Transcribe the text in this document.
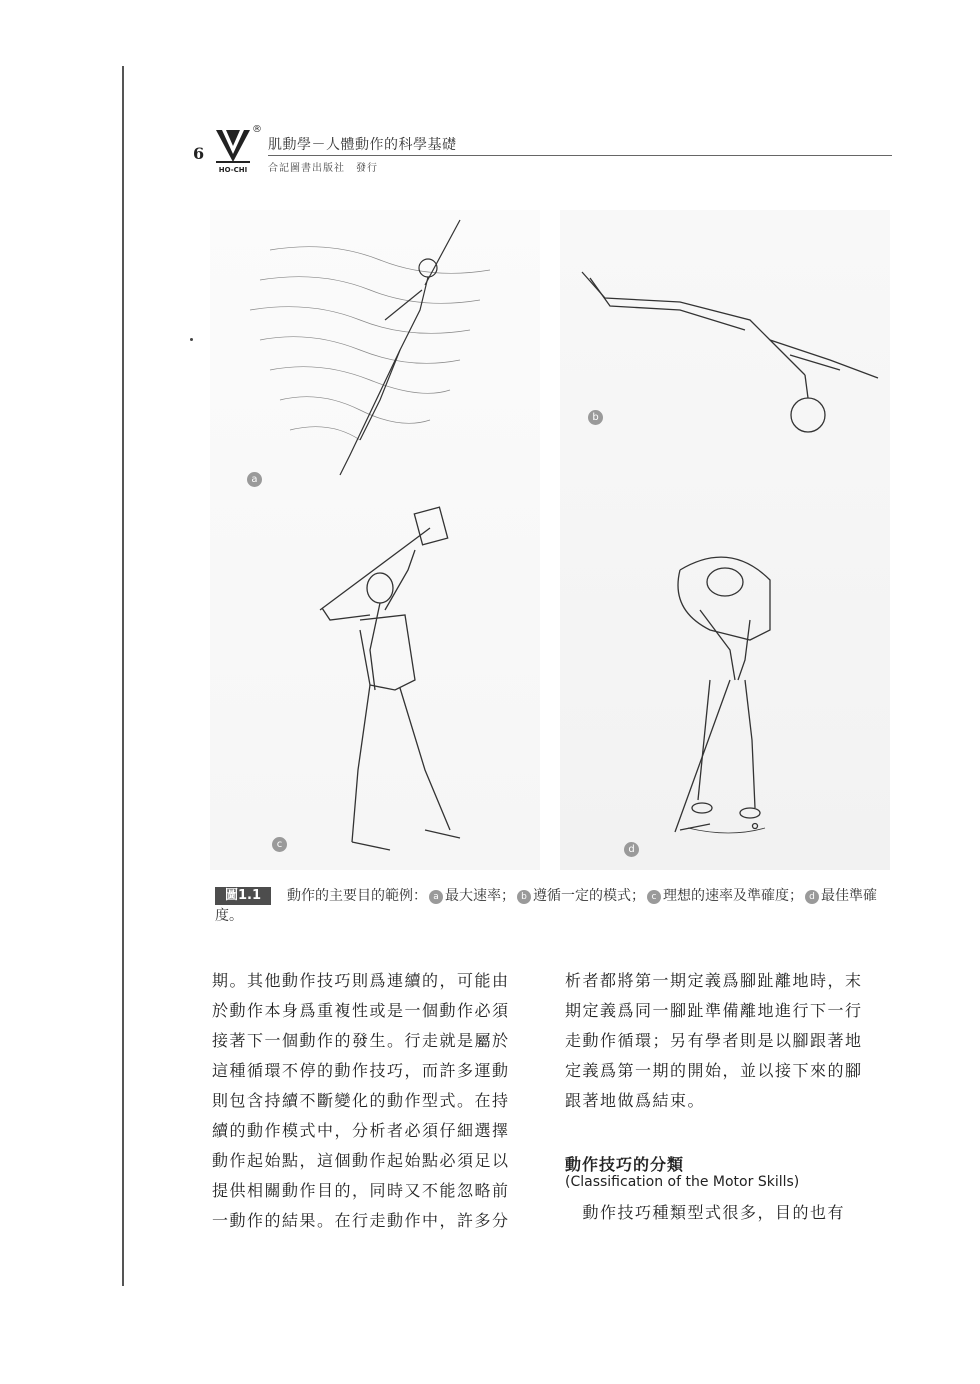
6
HO-CHI
®
肌動學－人體動作的科學基礎
合記圖書出版社　發行
a
b
c	d
圖1.1 動作的主要目的範例： a 最大速率； b 遵循一定的模式； c 理想的速率及準確度； d 最佳準確度。
期。其他動作技巧則爲連續的，可能由
於動作本身爲重複性或是一個動作必須
接著下一個動作的發生。行走就是屬於
這種循環不停的動作技巧，而許多運動
則包含持續不斷變化的動作型式。在持
續的動作模式中，分析者必須仔細選擇
動作起始點，這個動作起始點必須足以
提供相關動作目的，同時又不能忽略前
一動作的結果。在行走動作中，許多分
析者都將第一期定義爲腳趾離地時，末
期定義爲同一腳趾準備離地進行下一行
走動作循環；另有學者則是以腳跟著地
定義爲第一期的開始，並以接下來的腳
跟著地做爲結束。
動作技巧的分類
(Classification of the Motor Skills)
　動作技巧種類型式很多，目的也有
